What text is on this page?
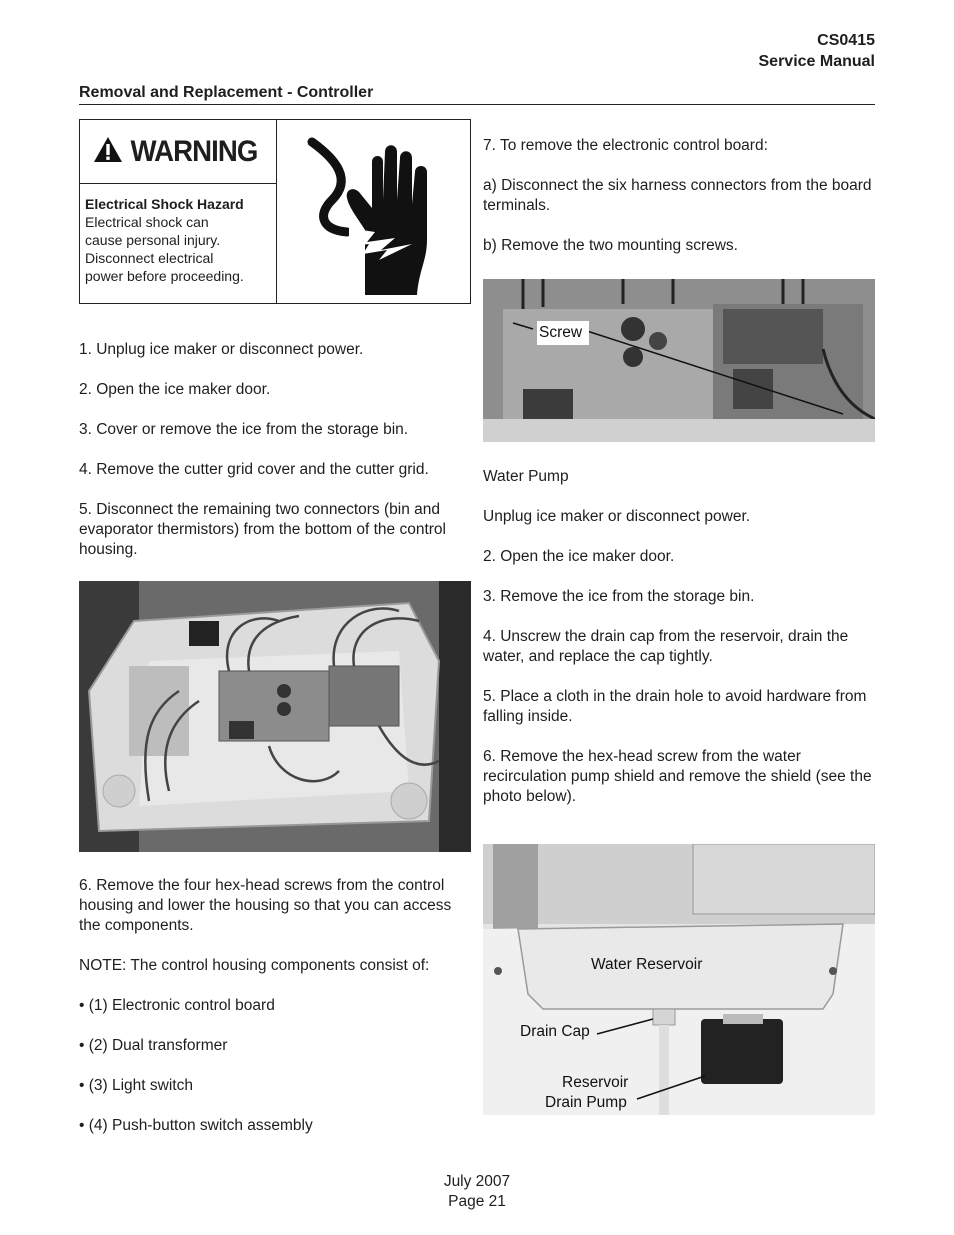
CS0415
Service Manual
Removal and Replacement - Controller
WARNING
Electrical Shock Hazard
Electrical shock can
cause personal injury.
Disconnect electrical
power before proceeding.
1. Unplug ice maker or disconnect power.
2. Open the ice maker door.
3. Cover or remove the ice from the storage bin.
4. Remove the cutter grid cover and the cutter grid.
5. Disconnect the remaining two connectors (bin and evaporator thermistors) from the bottom of the control housing.
6. Remove the four hex-head screws from the control housing and lower the housing so that you can access the components.
NOTE: The control housing components consist of:
• (1) Electronic control board
• (2) Dual transformer
• (3) Light switch
• (4) Push-button switch assembly
7. To remove the electronic control board:
a) Disconnect the six harness connectors from the board terminals.
b) Remove the two mounting screws.
Screw
Water Pump
Unplug ice maker or disconnect power.
2. Open the ice maker door.
3. Remove the ice from the storage bin.
4. Unscrew the drain cap from the reservoir, drain the water, and replace the cap tightly.
5. Place a cloth in the drain hole to avoid hardware from falling inside.
6. Remove the hex-head screw from the water recirculation pump shield and remove the shield (see the photo below).
Water Reservoir
Drain Cap
Reservoir
Drain Pump
July 2007
Page 21
